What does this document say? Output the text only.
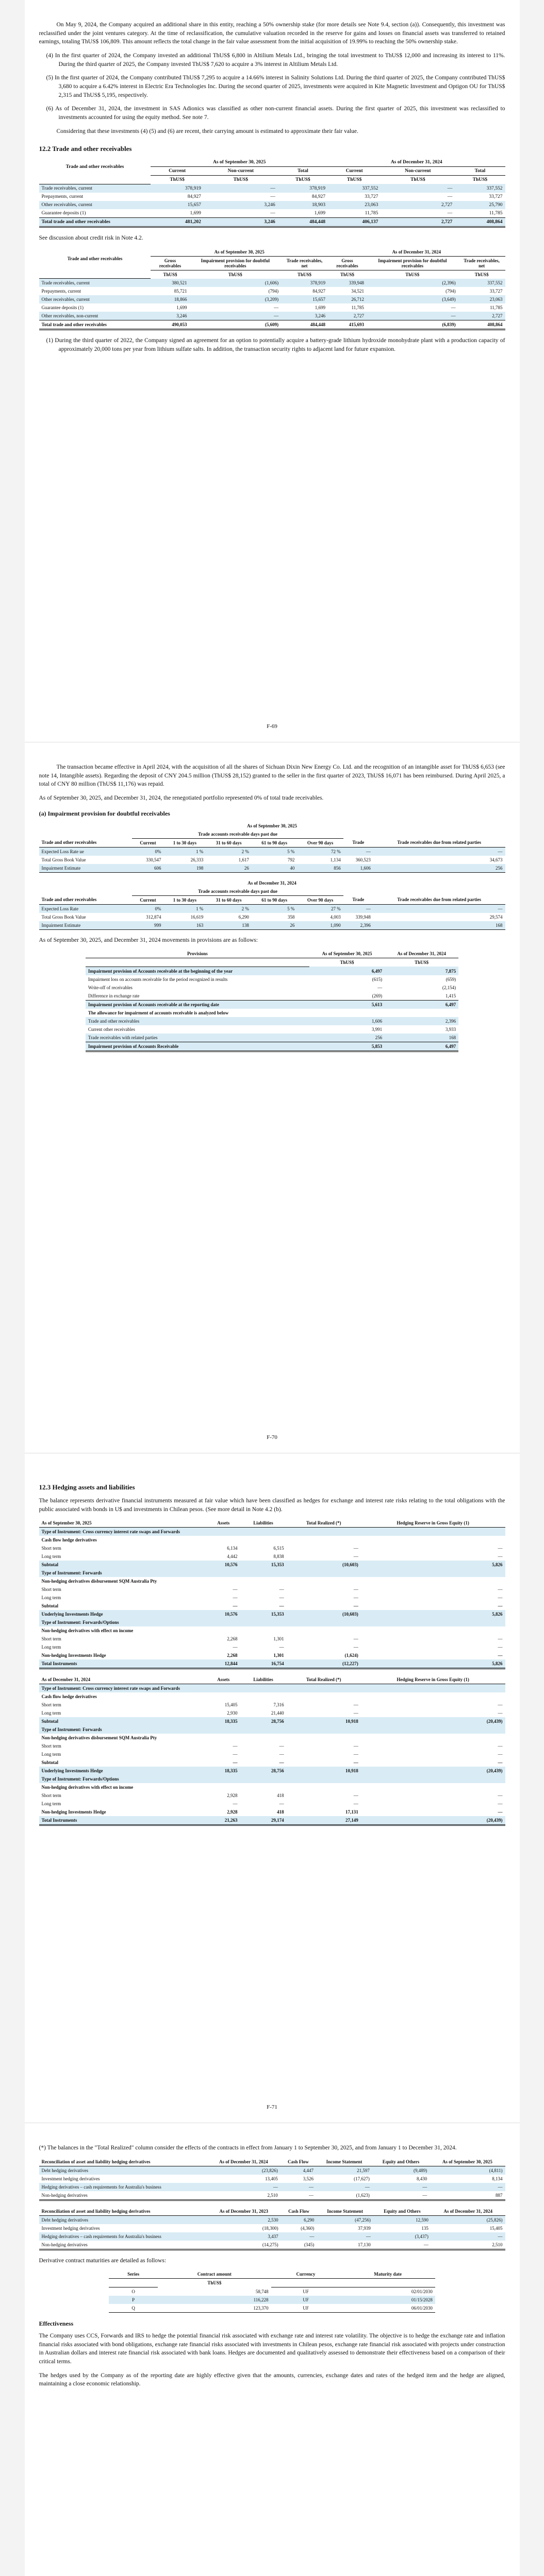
On May 9, 2024, the Company acquired an additional share in this entity, reaching a 50% ownership stake (for more details see Note 9.4, section (a)). Consequently, this investment was reclassified under the joint ventures category. At the time of reclassification, the cumulative valuation recorded in the reserve for gains and losses on financial assets was transferred to retained earnings, totaling ThUS$ 106,809. This amount reflects the total change in the fair value assessment from the initial acquisition of 19.99% to reaching the 50% ownership stake.

(4) In the first quarter of 2024, the Company invested an additional ThUS$ 6,800 in Altilium Metals Ltd., bringing the total investment to ThUS$ 12,000 and increasing its interest to 11%. During the third quarter of 2025, the Company invested ThUS$ 7,620 to acquire a 3% interest in Altilium Metals Ltd.

(5) In the first quarter of 2024, the Company contributed ThUS$ 7,295 to acquire a 14.66% interest in Salinity Solutions Ltd. During the third quarter of 2025, the Company contributed ThUS$ 3,680 to acquire a 6.42% interest in Electric Era Technologies Inc. During the second quarter of 2025, investments were acquired in Kite Magnetic Investment and Optigon OU for ThUS$ 2,315 and ThUS$ 5,195, respectively.

(6) As of December 31, 2024, the investment in SAS Adionics was classified as other non-current financial assets. During the first quarter of 2025, this investment was reclassified to investments accounted for using the equity method. See note 7.

Considering that these investments (4) (5) and (6) are recent, their carrying amount is estimated to approximate their fair value.

12.2 Trade and other receivables
Trade and other receivables	As of September 30, 2025			As of December 31, 2024		
	Current	Non-current	Total	Current	Non-current	Total
	ThUS$	ThUS$	ThUS$	ThUS$	ThUS$	ThUS$
Trade receivables, current	378,919	—	378,919	337,552	—	337,552
Prepayments, current	84,927	—	84,927	33,727	—	33,727
Other receivables, current	15,657	3,246	18,903	23,063	2,727	25,790
Guarantee deposits (1)	1,699	—	1,699	11,785	—	11,785
Total trade and other receivables	481,202	3,246	484,448	406,137	2,727	408,864

See discussion about credit risk in Note 4.2.

Trade and other receivables	As of September 30, 2025			As of December 31, 2024		
	Gross receivables	Impairment provision for doubtful receivables	Trade receivables, net	Gross receivables	Impairment provision for doubtful receivables	Trade receivables, net
	ThUS$	ThUS$	ThUS$	ThUS$	ThUS$	ThUS$
Trade receivables, current	380,521	(1,606)	378,919	339,948	(2,396)	337,552
Prepayments, current	85,721	(794)	84,927	34,521	(794)	33,727
Other receivables, current	18,866	(3,209)	15,657	26,712	(3,649)	23,063
Guarantee deposits (1)	1,699	—	1,699	11,785	—	11,785
Other receivables, non-current	3,246	—	3,246	2,727	—	2,727
Total trade and other receivables	490,053	(5,609)	484,448	415,693	(6,839)	408,864

(1) During the third quarter of 2022, the Company signed an agreement for an option to potentially acquire a battery-grade lithium hydroxide monohydrate plant with a production capacity of approximately 20,000 tons per year from lithium sulfate salts. In addition, the transaction security rights to adjacent land for future expansion.

F-69

The transaction became effective in April 2024, with the acquisition of all the shares of Sichuan Dixin New Energy Co. Ltd. and the recognition of an intangible asset for ThUS$ 6,653 (see note 14, Intangible assets). Regarding the deposit of CNY 204.5 million (ThUS$ 28,152) granted to the seller in the first quarter of 2023, ThUS$ 16,071 has been reimbursed. During April 2025, a total of CNY 80 million (ThUS$ 11,176) was repaid.

As of September 30, 2025, and December 31, 2024, the renegotiated portfolio represented 0% of total trade receivables.

(a) Impairment provision for doubtful receivables
As of September 30, 2025							
	Trade accounts receivable days past due						
Trade and other receivables	Current	1 to 30 days	31 to 60 days	61 to 90 days	Over 90 days	Trade	Trade receivables due from related parties
Expected Loss Rate ue	0%	1 %	2 %	5 %	72 %	—	—
Total Gross Book Value	330,547	26,333	1,617	792	1,134	360,523	34,673
Impairment Estimate	606	198	26	40	856	1,606	256
As of December 31, 2024							
	Trade accounts receivable days past due						
Trade and other receivables	Current	1 to 30 days	31 to 60 days	61 to 90 days	Over 90 days	Trade	Trade receivables due from related parties
Expected Loss Rate	0%	1 %	2 %	5 %	27 %	—	—
Total Gross Book Value	312,874	16,619	6,290	358	4,003	339,948	29,574
Impairment Estimate	999	163	138	26	1,090	2,396	168

As of September 30, 2025, and December 31, 2024 movements in provisions are as follows:

Provisions	As of September 30, 2025	As of December 31, 2024
	ThUS$	ThUS$
Impairment provision of Accounts receivable at the beginning of the year	6,497	7,875
Impairment loss on accounts receivable for the period recognized in results	(615)	(659)
Write-off of receivables	—	(2,154)
Difference in exchange rate	(269)	1,415
Impairment provision of Accounts receivable at the reporting date	5,613	6,497
The allowance for impairment of accounts receivable is analyzed below		
Trade and other receivables	1,606	2,396
Current other receivables	3,991	3,933
Trade receivables with related parties	256	168
Impairment provision of Accounts Receivable	5,853	6,497
F-70
12.3 Hedging assets and liabilities

The balance represents derivative financial instruments measured at fair value which have been classified as hedges for exchange and interest rate risks relating to the total obligations with the public associated with bonds in U$ and investments in Chilean pesos. (See more detail in Note 4.2 (b).

As of September 30, 2025	Assets	Liabilities	Total Realized (*)	Hedging Reserve in Gross Equity (1)
Type of Instrument: Cross currency interest rate swaps and Forwards				
Cash flow hedge derivatives				
Short term	6,134	6,515	—	—
Long term	4,442	8,838	—	—
Subtotal	10,576	15,353	(10,603)	5,826
Type of Instrument: Forwards				
Non-hedging derivatives disbursement SQM Australia Pty				
Short term	—	—	—	—
Long term	—	—	—	—
Subtotal	—	—	—	—
Underlying Investments Hedge	10,576	15,353	(10,603)	5,826
Type of Instrument: Forwards/Options				
Non-hedging derivatives with effect on income				
Short term	2,268	1,301	—	—
Long term	—	—	—	—
Non-hedging Investments Hedge	2,268	1,301	(1,624)	—
Total Instruments	12,844	16,754	(12,227)	5,826
As of December 31, 2024	Assets	Liabilities	Total Realized (*)	Hedging Reserve in Gross Equity (1)
Type of Instrument: Cross currency interest rate swaps and Forwards				
Cash flow hedge derivatives				
Short term	15,405	7,316	—	—
Long term	2,930	21,440	—	—
Subtotal	18,335	28,756	10,918	(20,439)
Type of Instrument: Forwards				
Non-hedging derivatives disbursement SQM Australia Pty				
Short term	—	—	—	—
Long term	—	—	—	—
Subtotal	—	—	—	—
Underlying Investments Hedge	18,335	28,756	10,918	(20,439)
Type of Instrument: Forwards/Options				
Non-hedging derivatives with effect on income				
Short term	2,928	418	—	—
Long term	—	—	—	—
Non-hedging Investments Hedge	2,928	418	17,131	—
Total Instruments	21,263	29,174	27,149	(20,439)
F-71

(*) The balances in the "Total Realized" column consider the effects of the contracts in effect from January 1 to September 30, 2025, and from January 1 to December 31, 2024.

Reconciliation of asset and liability hedging derivatives	As of December 31, 2024	Cash Flow	Income Statement	Equity and Others	As of September 30, 2025
Debt hedging derivatives	(23,826)	4,447	21,597	(9,489)	(4,811)
Investment hedging derivatives	13,405	3,526	(17,627)	8,430	8,134
Hedging derivatives – cash requirements for Australia's business	—	—	—	—	—
Non-hedging derivatives	2,510	—	(1,623)	—	887
Reconciliation of asset and liability hedging derivatives	As of December 31, 2023	Cash Flow	Income Statement	Equity and Others	As of December 31, 2024
Debt hedging derivatives	2,530	6,290	(47,256)	12,590	(25,826)
Investment hedging derivatives	(18,300)	(4,360)	37,939	135	15,405
Hedging derivatives – cash requirements for Australia's business	3,437	—	—	(3,437)	—
Non-hedging derivatives	(14,275)	(345)	17,130	—	2,510

Derivative contract maturities are detailed as follows:

Series	Contract amount	Currency	Maturity date
	ThUS$		
O	58,748	UF	02/01/2030
P	116,228	UF	01/15/2028
Q	123,370	UF	06/01/2030
Effectiveness

The Company uses CCS, Forwards and IRS to hedge the potential financial risk associated with exchange rate and interest rate volatility. The objective is to hedge the exchange rate and inflation financial risks associated with bond obligations, exchange rate financial risks associated with investments in Chilean pesos, exchange rate financial risk associated with projects under construction in Australian dollars and interest rate financial risk associated with bank loans. Hedges are documented and qualitatively assessed to demonstrate their effectiveness based on a comparison of their critical terms.

The hedges used by the Company as of the reporting date are highly effective given that the amounts, currencies, exchange dates and rates of the hedged item and the hedge are aligned, maintaining a close economic relationship.
